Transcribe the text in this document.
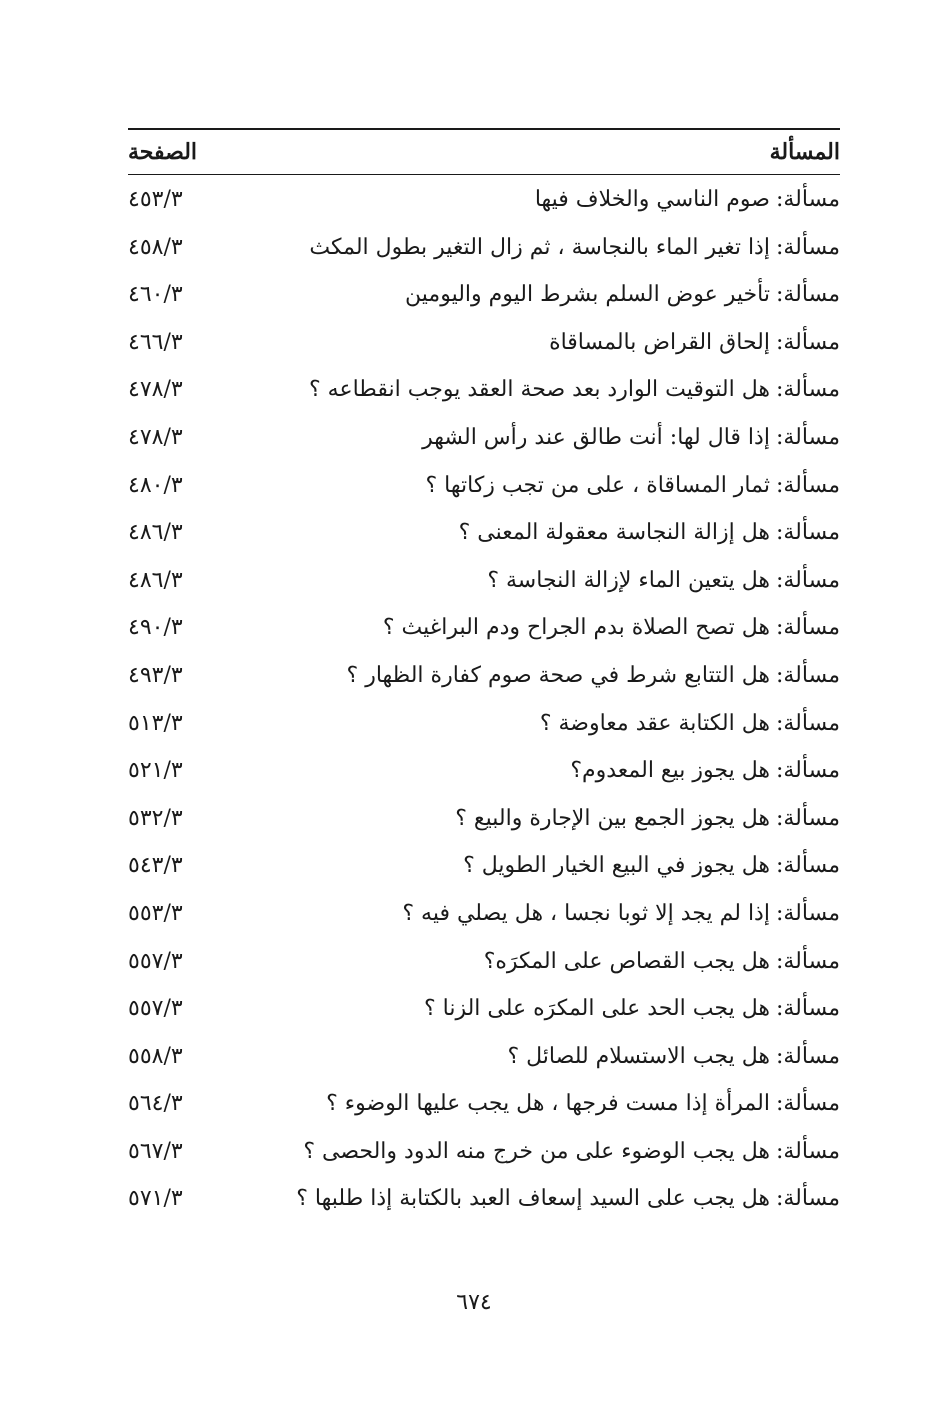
المسألة
الصفحة
مسألة:صوم الناسي والخلاف فيها
٤٥٣/٣
مسألة:إذا تغير الماء بالنجاسة ، ثم زال التغير بطول المكث
٤٥٨/٣
مسألة:تأخير عوض السلم بشرط اليوم واليومين
٤٦٠/٣
مسألة:إلحاق القراض بالمساقاة
٤٦٦/٣
مسألة:هل التوقيت الوارد بعد صحة العقد يوجب انقطاعه ؟
٤٧٨/٣
مسألة:إذا قال لها: أنت طالق عند رأس الشهر
٤٧٨/٣
مسألة:ثمار المساقاة ، على من تجب زكاتها ؟
٤٨٠/٣
مسألة:هل إزالة النجاسة معقولة المعنى ؟
٤٨٦/٣
مسألة:هل يتعين الماء لإزالة النجاسة ؟
٤٨٦/٣
مسألة:هل تصح الصلاة بدم الجراح ودم البراغيث ؟
٤٩٠/٣
مسألة:هل التتابع شرط في صحة صوم كفارة الظهار ؟
٤٩٣/٣
مسألة:هل الكتابة عقد معاوضة ؟
٥١٣/٣
مسألة:هل يجوز بيع المعدوم؟
٥٢١/٣
مسألة:هل يجوز الجمع بين الإجارة والبيع ؟
٥٣٢/٣
مسألة:هل يجوز في البيع الخيار الطويل ؟
٥٤٣/٣
مسألة:إذا لم يجد إلا ثوبا نجسا ، هل يصلي فيه ؟
٥٥٣/٣
مسألة:هل يجب القصاص على المكرَه؟
٥٥٧/٣
مسألة:هل يجب الحد على المكرَه على الزنا ؟
٥٥٧/٣
مسألة:هل يجب الاستسلام للصائل ؟
٥٥٨/٣
مسألة:المرأة إذا مست فرجها ، هل يجب عليها الوضوء ؟
٥٦٤/٣
مسألة:هل يجب الوضوء على من خرج منه الدود والحصى ؟
٥٦٧/٣
مسألة:هل يجب على السيد إسعاف العبد بالكتابة إذا طلبها ؟
٥٧١/٣
٦٧٤
